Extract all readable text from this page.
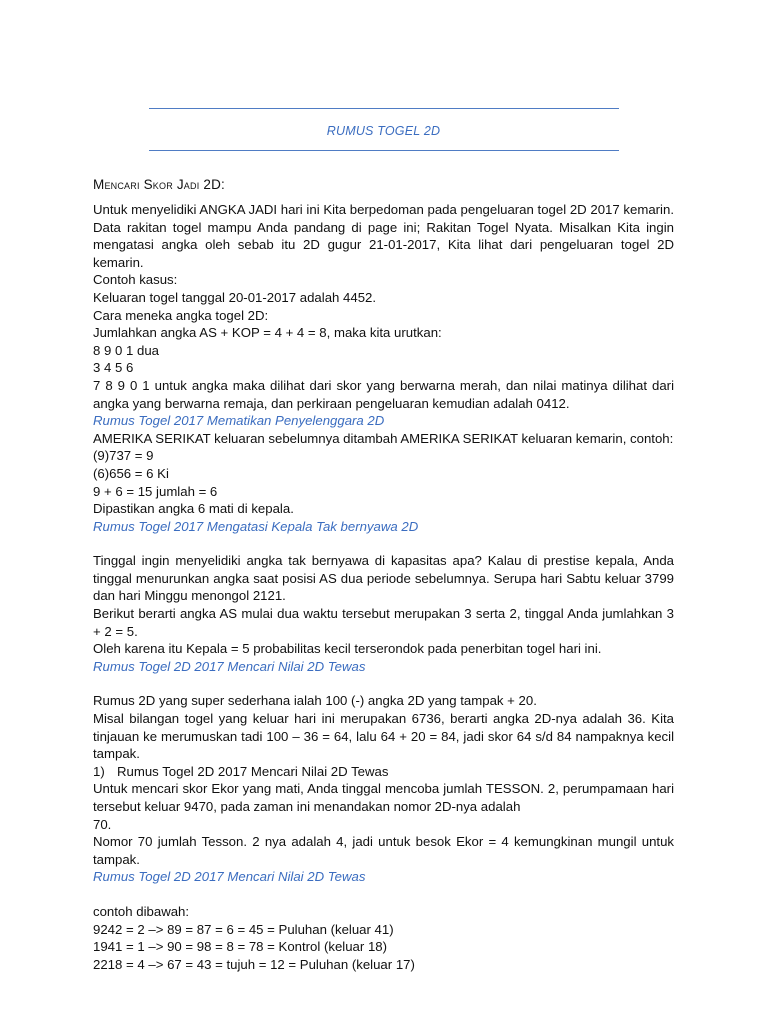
RUMUS TOGEL 2D
Mencari Skor Jadi 2D:

Untuk menyelidiki ANGKA JADI hari ini Kita berpedoman pada pengeluaran togel 2D 2017 kemarin. Data rakitan togel mampu Anda pandang di page ini; Rakitan Togel Nyata. Misalkan Kita ingin mengatasi angka oleh sebab itu 2D gugur 21-01-2017, Kita lihat dari pengeluaran togel 2D kemarin.

Contoh kasus:

Keluaran togel tanggal 20-01-2017 adalah 4452.

Cara meneka angka togel 2D:

Jumlahkan angka AS + KOP = 4 + 4 = 8, maka kita urutkan:

8 9 0 1 dua

3 4 5 6

7 8 9 0 1 untuk angka maka dilihat dari skor yang berwarna merah, dan nilai matinya dilihat dari angka yang berwarna remaja, dan perkiraan pengeluaran kemudian adalah 0412.

Rumus Togel 2017 Mematikan Penyelenggara 2D

AMERIKA SERIKAT keluaran sebelumnya ditambah AMERIKA SERIKAT keluaran kemarin, contoh:

(9)737 = 9

(6)656 = 6 Ki

9 + 6 = 15 jumlah = 6

Dipastikan angka 6 mati di kepala.

Rumus Togel 2017 Mengatasi Kepala Tak bernyawa 2D

Tinggal ingin menyelidiki angka tak bernyawa di kapasitas apa? Kalau di prestise kepala, Anda tinggal menurunkan angka saat posisi AS dua periode sebelumnya. Serupa hari Sabtu keluar 3799 dan hari Minggu menongol 2121.

Berikut berarti angka AS mulai dua waktu tersebut merupakan 3 serta 2, tinggal Anda jumlahkan 3 + 2 = 5.

Oleh karena itu Kepala = 5 probabilitas kecil terserondok pada penerbitan togel hari ini.

Rumus Togel 2D 2017 Mencari Nilai 2D Tewas

Rumus 2D yang super sederhana ialah 100 (-) angka 2D yang tampak + 20.

Misal bilangan togel yang keluar hari ini merupakan 6736, berarti angka 2D-nya adalah 36. Kita tinjauan ke merumuskan tadi 100 – 36 = 64, lalu 64 + 20 = 84, jadi skor 64 s/d 84 nampaknya kecil tampak.

1) Rumus Togel 2D 2017 Mencari Nilai 2D Tewas

Untuk mencari skor Ekor yang mati, Anda tinggal mencoba jumlah TESSON. 2, perumpamaan hari tersebut keluar 9470, pada zaman ini menandakan nomor 2D-nya adalah

70.

Nomor 70 jumlah Tesson. 2 nya adalah 4, jadi untuk besok Ekor = 4 kemungkinan mungil untuk tampak.

Rumus Togel 2D 2017 Mencari Nilai 2D Tewas

contoh dibawah:

9242 = 2 –> 89 = 87 = 6 = 45 = Puluhan (keluar 41)

1941 = 1 –> 90 = 98 = 8 = 78 = Kontrol (keluar 18)

2218 = 4 –> 67 = 43 = tujuh = 12 = Puluhan (keluar 17)
